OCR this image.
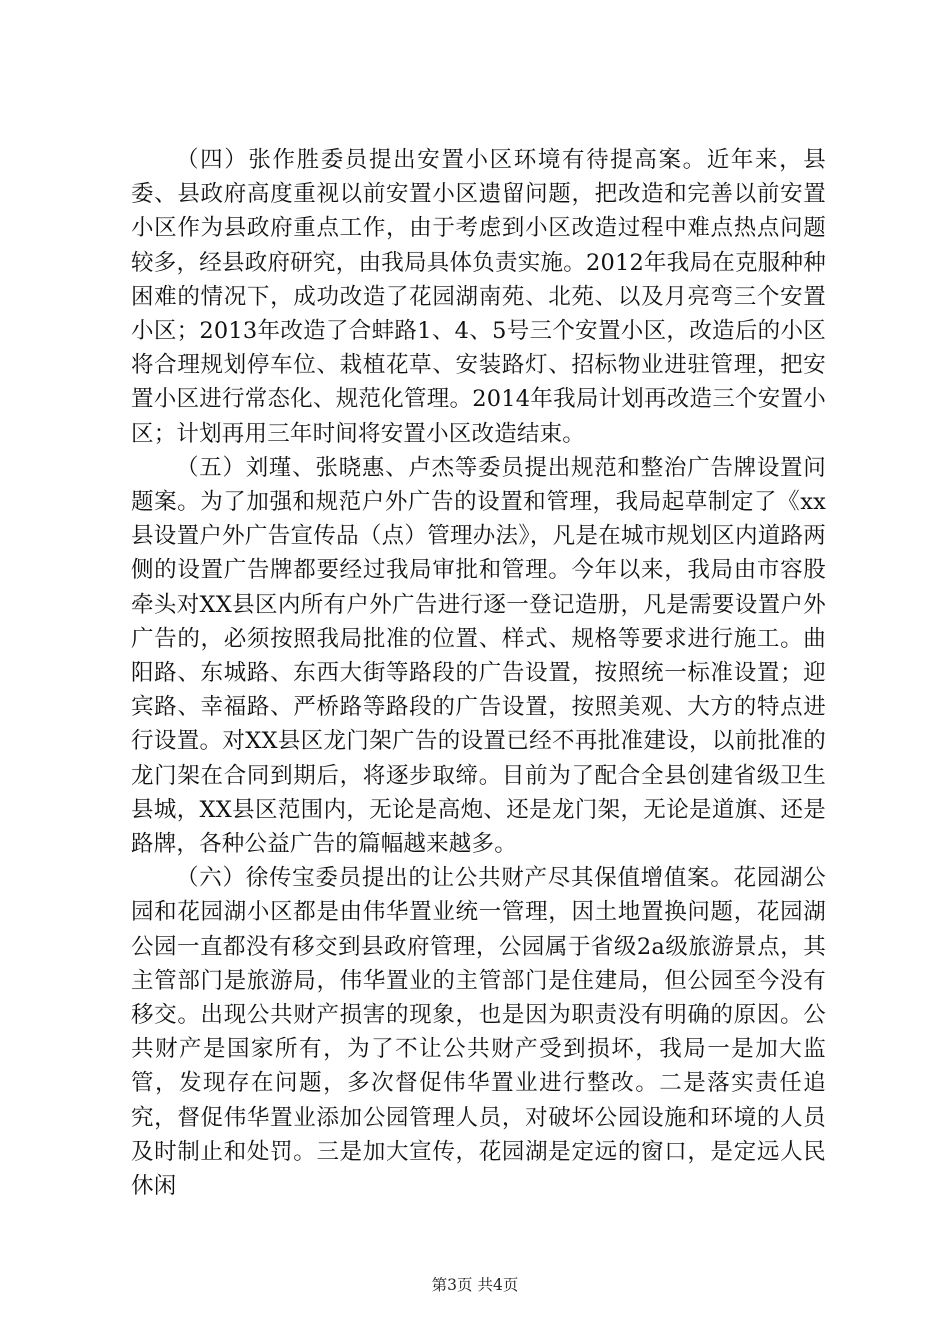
（四）张作胜委员提出安置小区环境有待提高案。近年来，县委、县政府高度重视以前安置小区遗留问题，把改造和完善以前安置小区作为县政府重点工作，由于考虑到小区改造过程中难点热点问题较多，经县政府研究，由我局具体负责实施。2012年我局在克服种种困难的情况下，成功改造了花园湖南苑、北苑、以及月亮弯三个安置小区；2013年改造了合蚌路1、4、5号三个安置小区，改造后的小区将合理规划停车位、栽植花草、安装路灯、招标物业进驻管理，把安置小区进行常态化、规范化管理。2014年我局计划再改造三个安置小区；计划再用三年时间将安置小区改造结束。

（五）刘瑾、张晓惠、卢杰等委员提出规范和整治广告牌设置问题案。为了加强和规范户外广告的设置和管理，我局起草制定了《xx县设置户外广告宣传品（点）管理办法》，凡是在城市规划区内道路两侧的设置广告牌都要经过我局审批和管理。今年以来，我局由市容股牵头对XX县区内所有户外广告进行逐一登记造册，凡是需要设置户外广告的，必须按照我局批准的位置、样式、规格等要求进行施工。曲阳路、东城路、东西大街等路段的广告设置，按照统一标准设置；迎宾路、幸福路、严桥路等路段的广告设置，按照美观、大方的特点进行设置。对XX县区龙门架广告的设置已经不再批准建设，以前批准的龙门架在合同到期后，将逐步取缔。目前为了配合全县创建省级卫生县城，XX县区范围内，无论是高炮、还是龙门架，无论是道旗、还是路牌，各种公益广告的篇幅越来越多。

（六）徐传宝委员提出的让公共财产尽其保值增值案。花园湖公园和花园湖小区都是由伟华置业统一管理，因土地置换问题，花园湖公园一直都没有移交到县政府管理，公园属于省级2a级旅游景点，其主管部门是旅游局，伟华置业的主管部门是住建局，但公园至今没有移交。出现公共财产损害的现象，也是因为职责没有明确的原因。公共财产是国家所有，为了不让公共财产受到损坏，我局一是加大监管，发现存在问题，多次督促伟华置业进行整改。二是落实责任追究，督促伟华置业添加公园管理人员，对破坏公园设施和环境的人员及时制止和处罚。三是加大宣传，花园湖是定远的窗口，是定远人民休闲

第3页 共4页
